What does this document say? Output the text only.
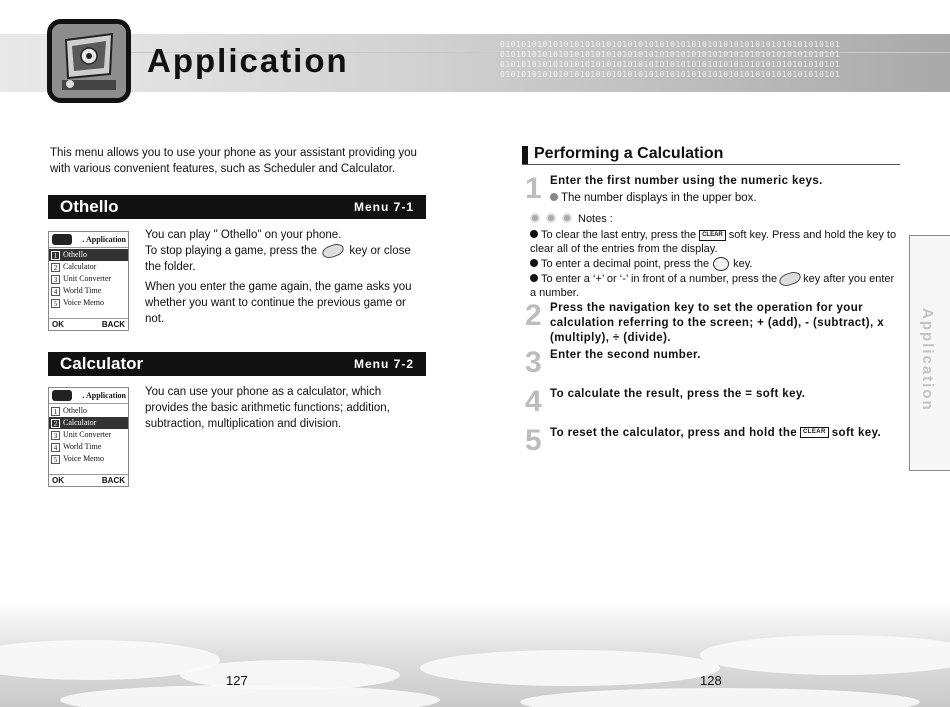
0101010101010101010101010101010101010101010101010101010101010101
0101010101010101010101010101010101010101010101010101010101010101
0101010101010101010101010101010101010101010101010101010101010101
0101010101010101010101010101010101010101010101010101010101010101
Application
This menu allows you to use your phone as your assistant providing you with various convenient features, such as Scheduler and Calculator.
Othello	Menu 7-1
. Application
1 Othello
2 Calculator
3 Unit Converter
4 World Time
5 Voice Memo
OK	BACK

You can play " Othello" on your phone.

To stop playing a game, press the	key or close the folder.

When you enter the game again, the game asks you whether you want to continue the previous game or not.

Calculator	Menu 7-2
. Application
1 Othello
2 Calculator
3 Unit Converter
4 World Time
5 Voice Memo
OK	BACK
You can use your phone as a calculator, which provides the basic arithmetic functions; addition, subtraction, multiplication and division.
Performing a Calculation
1 Enter the first number using the numeric keys.
The number displays in the upper box.
Notes :
To clear the last entry, press the CLEAR soft key. Press and hold the key to clear all of the entries from the display.
To enter a decimal point, press the key.
To enter a ‘+’ or ‘-’ in front of a number, press the key after you enter a number.
2 Press the navigation key to set the operation for your calculation referring to the screen; + (add), - (subtract), x (multiply), ÷ (divide).
3 Enter the second number.
4 To calculate the result, press the = soft key.
5 To reset the calculator, press and hold the CLEAR soft key.
Application
127	128
